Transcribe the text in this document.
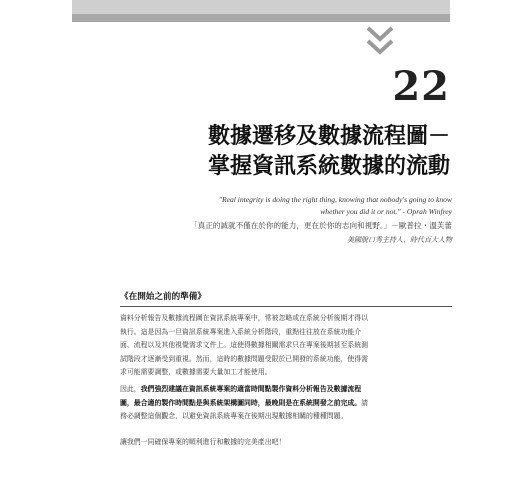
22
數據遷移及數據流程圖－
掌握資訊系統數據的流動
"Real integrity is doing the right thing, knowing that nobody's going to know
whether you did it or not." - Oprah Winfrey
「真正的誠就不僅在於你的能力，更在於你的志向和視野。」－歐普拉・溫芙蕾
美國脫口秀主持人、時代百大人物
《在開始之前的準備》
資料分析報告及數據流程圖在資訊系統專案中，常被忽略或在系統分析後期才得以
執行。這是因為一旦資訊系統專案進入系統分析階段，重點往往放在系統功能介
面、流程以及其他視覺需求文件上。這使得數據相關需求只在專案後期甚至系統測
試階段才逐漸受到重視。然而，這時的數據問題受限於已開發的系統功能，使得需
求可能需要調整，或數據需要大量加工才能使用。
因此，我們強烈建議在資訊系統專案的適當時間點製作資料分析報告及數據流程
圖，最合適的製作時間點是與系統架構圖同時，最晚則是在系統開發之前完成。請
務必調整這個觀念，以避免資訊系統專案在後期出現數據相關的種種問題。
讓我們一同確保專案的順利進行和數據的完美產出吧！
